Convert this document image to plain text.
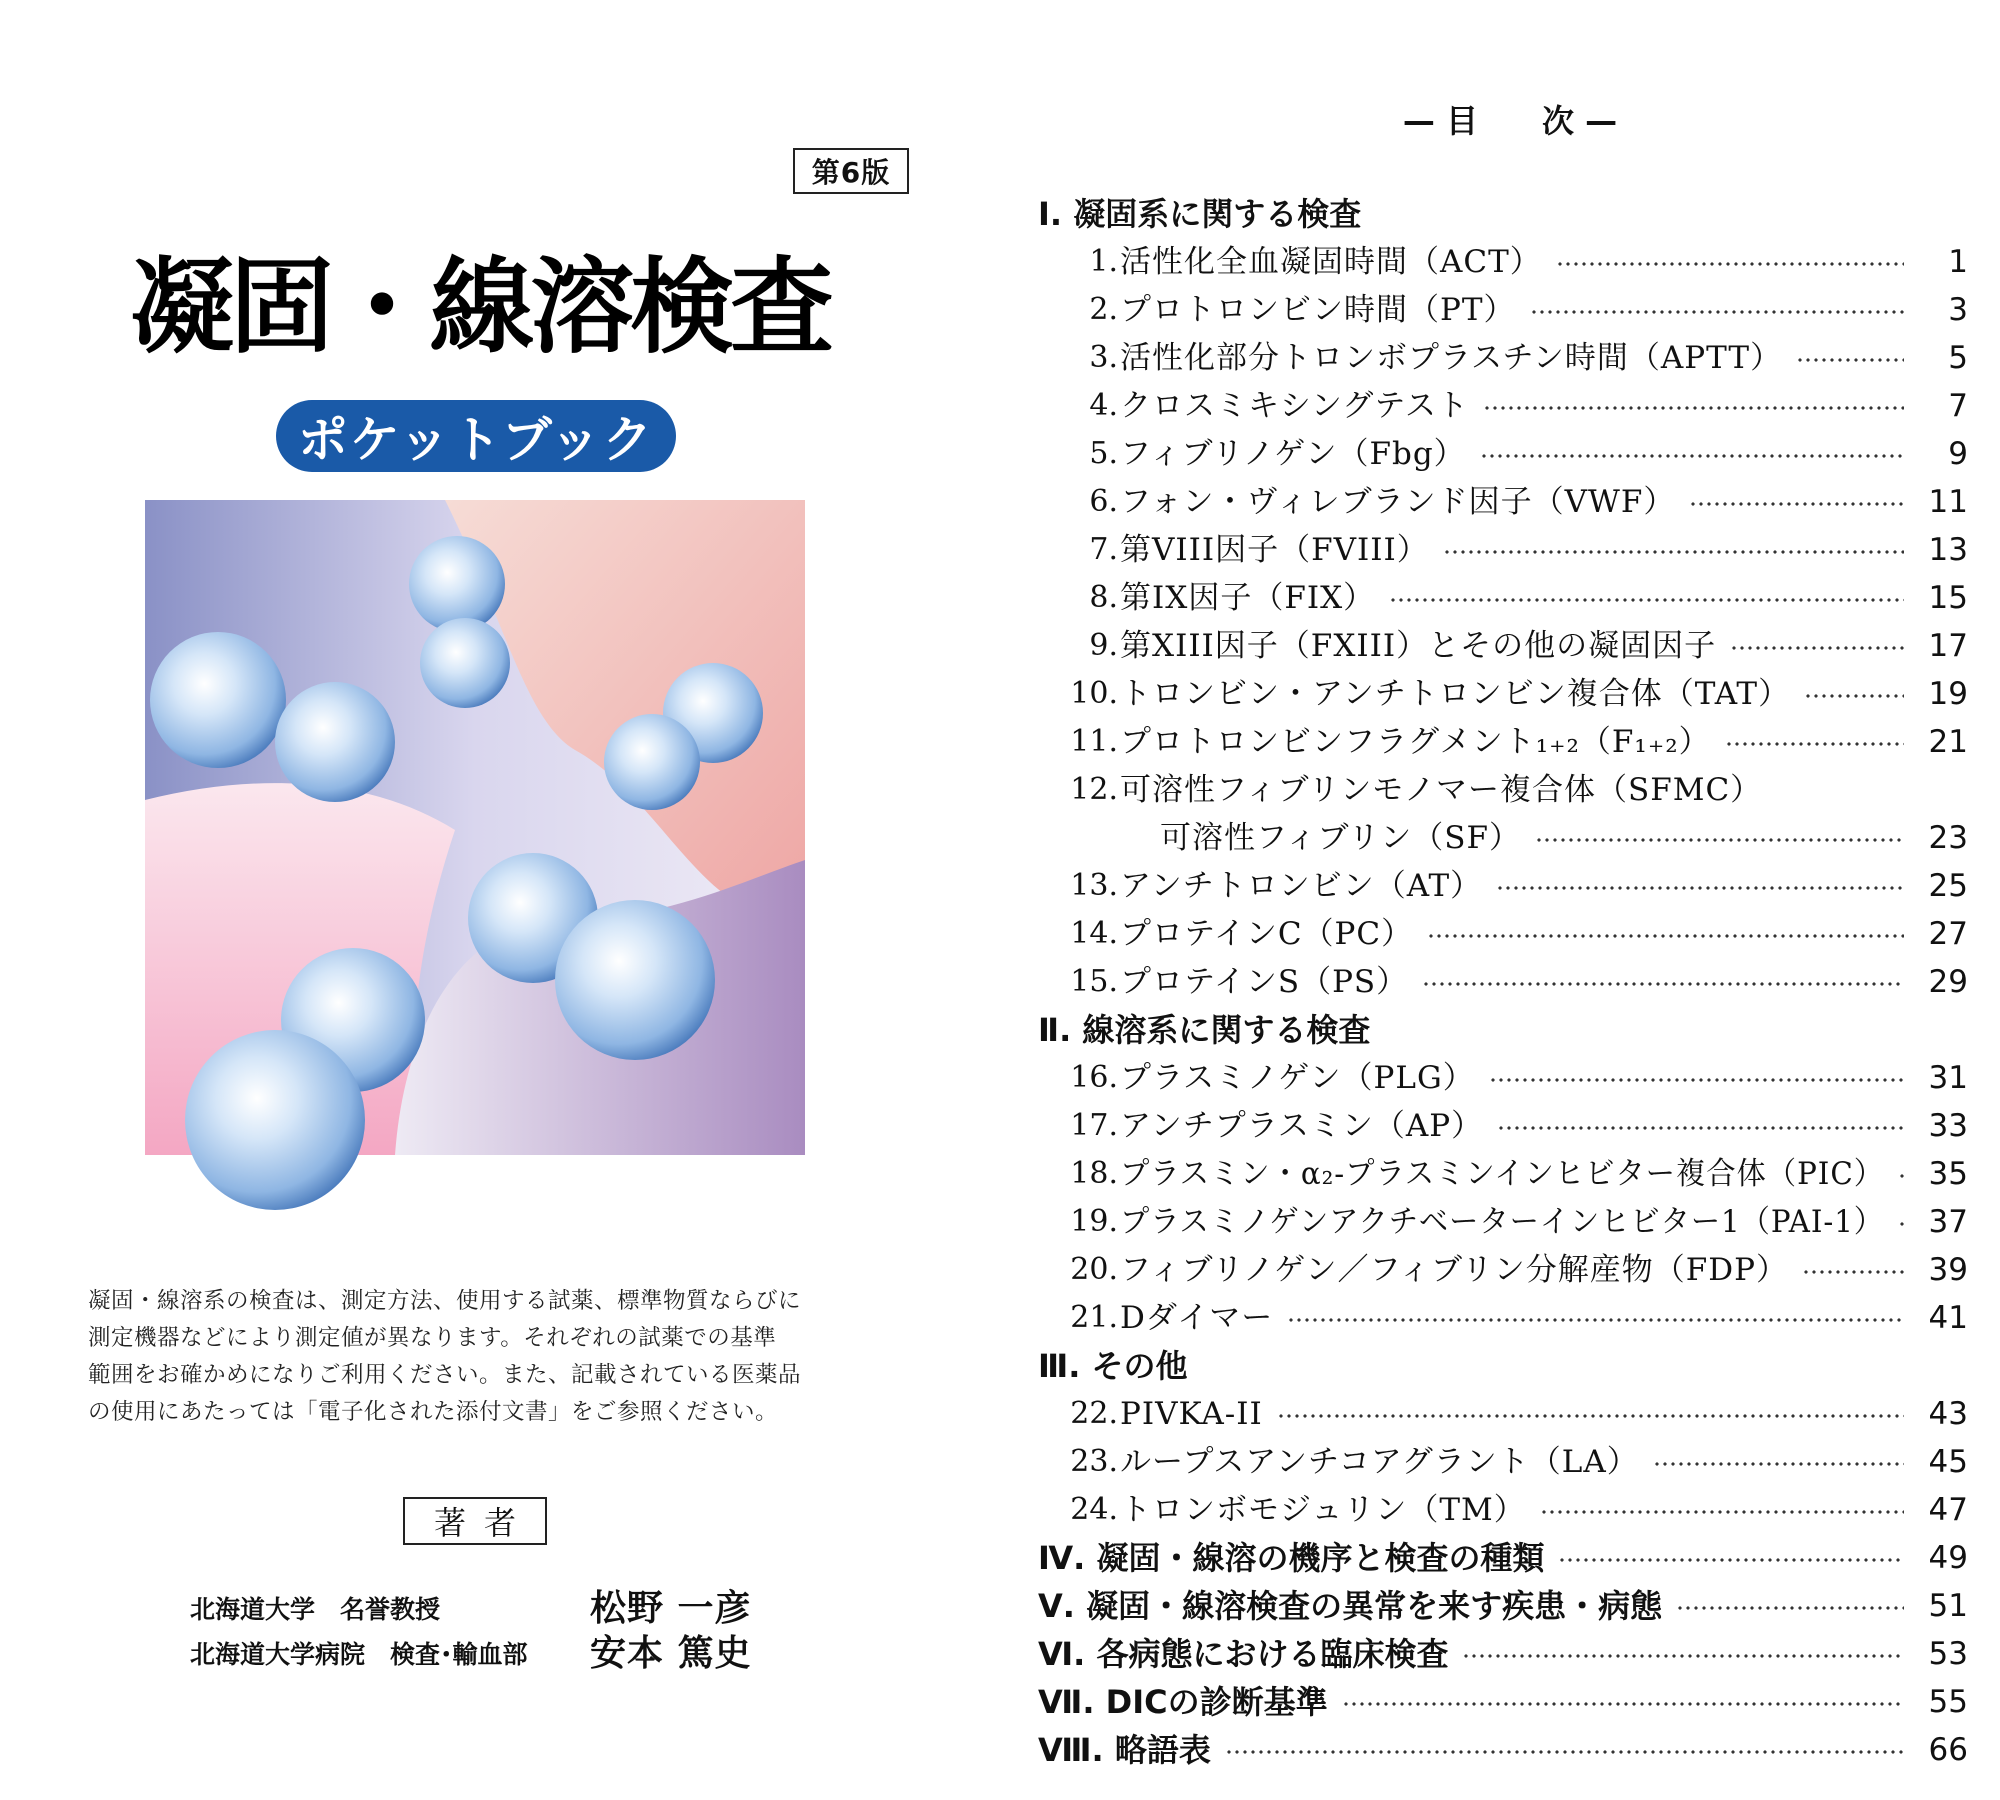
第6版
凝固・線溶検査
ポケットブック
凝固・線溶系の検査は、測定方法、使用する試薬、標準物質ならびに
測定機器などにより測定値が異なります。それぞれの試薬での基準
範囲をお確かめになりご利用ください。また、記載されている医薬品
の使用にあたっては「電子化された添付文書」をご参照ください。
著者
北海道大学　名誉教授	松野 一彦
北海道大学病院　検査･輸血部 安本 篤史
— 目　　次 —
Ⅰ. 凝固系に関する検査
1. 活性化全血凝固時間（ACT）	1
2. プロトロンビン時間（PT）	3
3. 活性化部分トロンボプラスチン時間（APTT）	5
4. クロスミキシングテスト	7
5. フィブリノゲン（Fbg）	9
6. フォン・ヴィレブランド因子（VWF）	11
7. 第VIII因子（FVIII）	13
8. 第IX因子（FIX）	15
9. 第XIII因子（FXIII）とその他の凝固因子	17
10. トロンビン・アンチトロンビン複合体（TAT）	19
11. プロトロンビンフラグメント₁₊₂（F₁₊₂）	21
12. 可溶性フィブリンモノマー複合体（SFMC）
可溶性フィブリン（SF）	23
13. アンチトロンビン（AT）	25
14. プロテインC（PC）	27
15. プロテインS（PS）	29
Ⅱ. 線溶系に関する検査
16. プラスミノゲン（PLG）	31
17. アンチプラスミン（AP）	33
18. プラスミン・α₂-プラスミンインヒビター複合体（PIC）	35
19. プラスミノゲンアクチベーターインヒビター1（PAI-1）	37
20. フィブリノゲン／フィブリン分解産物（FDP）	39
21. Dダイマー	41
Ⅲ. その他
22. PIVKA-II	43
23. ループスアンチコアグラント（LA）	45
24. トロンボモジュリン（TM）	47
Ⅳ. 凝固・線溶の機序と検査の種類	49
Ⅴ. 凝固・線溶検査の異常を来す疾患・病態	51
Ⅵ. 各病態における臨床検査	53
Ⅶ. DICの診断基準	55
Ⅷ. 略語表	66
